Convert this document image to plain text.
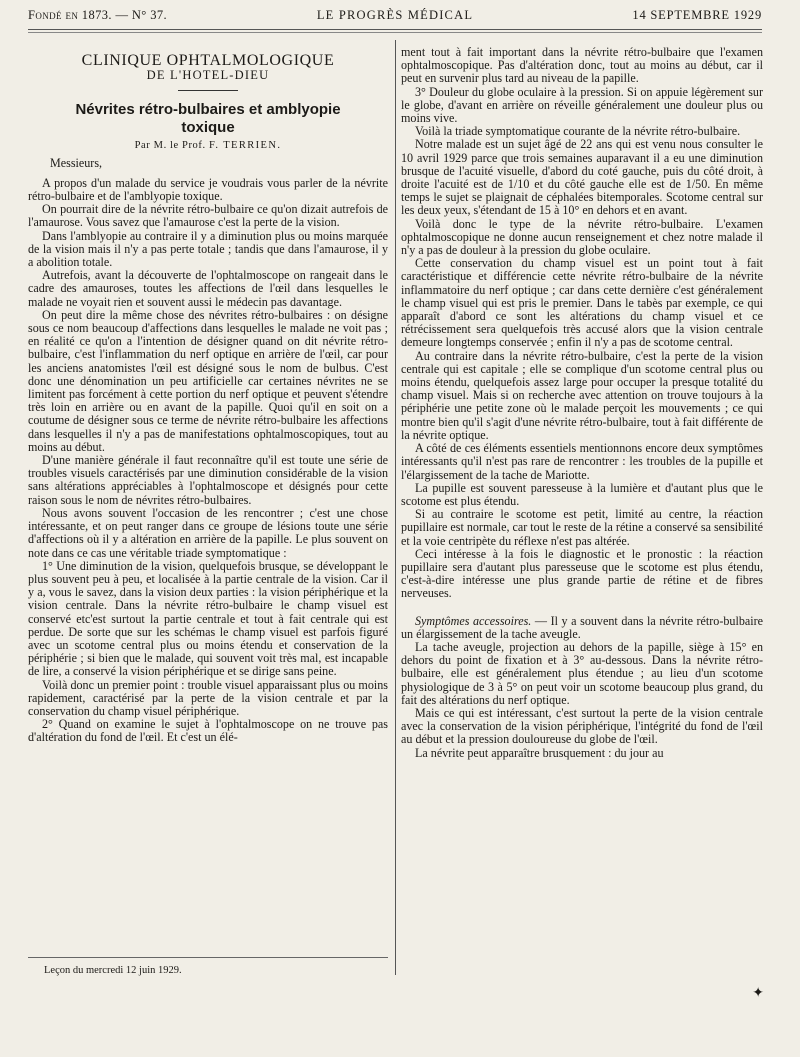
Fondé en 1873. — N° 37.	LE PROGRÈS MÉDICAL	14 SEPTEMBRE 1929
CLINIQUE OPHTALMOLOGIQUE
DE L'HOTEL-DIEU
Névrites rétro-bulbaires et amblyopie toxique
Par M. le Prof. F. TERRIEN.

Messieurs,

A propos d'un malade du service je voudrais vous parler de la névrite rétro-bulbaire et de l'amblyopie toxique.

On pourrait dire de la névrite rétro-bulbaire ce qu'on dizait autrefois de l'amaurose. Vous savez que l'amaurose c'est la perte de la vision.

Dans l'amblyopie au contraire il y a diminution plus ou moins marquée de la vision mais il n'y a pas perte totale ; tandis que dans l'amaurose, il y a abolition totale.

Autrefois, avant la découverte de l'ophtalmoscope on rangeait dans le cadre des amauroses, toutes les affections de l'œil dans lesquelles le malade ne voyait rien et souvent aussi le médecin pas davantage.

On peut dire la même chose des névrites rétro-bulbaires : on désigne sous ce nom beaucoup d'affections dans lesquelles le malade ne voit pas ; en réalité ce qu'on a l'intention de désigner quand on dit névrite rétro-bulbaire, c'est l'inflammation du nerf optique en arrière de l'œil, car pour les anciens anatomistes l'œil est désigné sous le nom de bulbus. C'est donc une dénomination un peu artificielle car certaines névrites ne se limitent pas forcément à cette portion du nerf optique et peuvent s'étendre très loin en arrière ou en avant de la papille. Quoi qu'il en soit on a coutume de désigner sous ce terme de névrite rétro-bulbaire les affections dans lesquelles il n'y a pas de manifestations ophtalmoscopiques, tout au moins au début.

D'une manière générale il faut reconnaître qu'il est toute une série de troubles visuels caractérisés par une diminution considérable de la vision sans altérations appréciables à l'ophtalmoscope et désignés pour cette raison sous le nom de névrites rétro-bulbaires.

Nous avons souvent l'occasion de les rencontrer ; c'est une chose intéressante, et on peut ranger dans ce groupe de lésions toute une série d'affections où il y a altération en arrière de la papille. Le plus souvent on note dans ce cas une véritable triade symptomatique :

1° Une diminution de la vision, quelquefois brusque, se développant le plus souvent peu à peu, et localisée à la partie centrale de la vision. Car il y a, vous le savez, dans la vision deux parties : la vision périphérique et la vision centrale. Dans la névrite rétro-bulbaire le champ visuel est conservé etc'est surtout la partie centrale et tout à fait centrale qui est perdue. De sorte que sur les schémas le champ visuel est parfois figuré avec un scotome central plus ou moins étendu et conservation de la périphérie ; si bien que le malade, qui souvent voit très mal, est incapable de lire, a conservé la vision périphérique et se dirige sans peine.

Voilà donc un premier point : trouble visuel apparaissant plus ou moins rapidement, caractérisé par la perte de la vision centrale et par la conservation du champ visuel périphérique.

2° Quand on examine le sujet à l'ophtalmoscope on ne trouve pas d'altération du fond de l'œil. Et c'est un élé-

ment tout à fait important dans la névrite rétro-bulbaire que l'examen ophtalmoscopique. Pas d'altération donc, tout au moins au début, car il peut en survenir plus tard au niveau de la papille.

3° Douleur du globe oculaire à la pression. Si on appuie légèrement sur le globe, d'avant en arrière on réveille généralement une douleur plus ou moins vive.

Voilà la triade symptomatique courante de la névrite rétro-bulbaire.

Notre malade est un sujet âgé de 22 ans qui est venu nous consulter le 10 avril 1929 parce que trois semaines auparavant il a eu une diminution brusque de l'acuité visuelle, d'abord du coté gauche, puis du côté droit, à droite l'acuité est de 1/10 et du côté gauche elle est de 1/50. En même temps le sujet se plaignait de céphalées bitemporales. Scotome central sur les deux yeux, s'étendant de 15 à 10° en dehors et en avant.

Voilà donc le type de la névrite rétro-bulbaire. L'examen ophtalmoscopique ne donne aucun renseignement et chez notre malade il n'y a pas de douleur à la pression du globe oculaire.

Cette conservation du champ visuel est un point tout à fait caractéristique et différencie cette névrite rétro-bulbaire de la névrite inflammatoire du nerf optique ; car dans cette dernière c'est généralement le champ visuel qui est pris le premier. Dans le tabès par exemple, ce qui apparaît d'abord ce sont les altérations du champ visuel et ce rétrécissement sera quelquefois très accusé alors que la vision centrale demeure longtemps conservée ; enfin il n'y a pas de scotome central.

Au contraire dans la névrite rétro-bulbaire, c'est la perte de la vision centrale qui est capitale ; elle se complique d'un scotome central plus ou moins étendu, quelquefois assez large pour occuper la presque totalité du champ visuel. Mais si on recherche avec attention on trouve toujours à la périphérie une petite zone où le malade perçoit les mouvements ; ce qui montre bien qu'il s'agit d'une névrite rétro-bulbaire, tout à fait différente de la névrite optique.

A côté de ces éléments essentiels mentionnons encore deux symptômes intéressants qu'il n'est pas rare de rencontrer : les troubles de la pupille et l'élargissement de la tache de Mariotte.

La pupille est souvent paresseuse à la lumière et d'autant plus que le scotome est plus étendu.

Si au contraire le scotome est petit, limité au centre, la réaction pupillaire est normale, car tout le reste de la rétine a conservé sa sensibilité et la voie centripète du réflexe n'est pas altérée.

Ceci intéresse à la fois le diagnostic et le pronostic : la réaction pupillaire sera d'autant plus paresseuse que le scotome est plus étendu, c'est-à-dire intéresse une plus grande partie de rétine et de fibres nerveuses.

Symptômes accessoires. — Il y a souvent dans la névrite rétro-bulbaire un élargissement de la tache aveugle.

La tache aveugle, projection au dehors de la papille, siège à 15° en dehors du point de fixation et à 3° au-dessous. Dans la névrite rétro-bulbaire, elle est généralement plus étendue ; au lieu d'un scotome physiologique de 3 à 5° on peut voir un scotome beaucoup plus grand, du fait des altérations du nerf optique.

Mais ce qui est intéressant, c'est surtout la perte de la vision centrale avec la conservation de la vision périphérique, l'intégrité du fond de l'œil au début et la pression douloureuse du globe de l'œil.

La névrite peut apparaître brusquement : du jour au

Leçon du mercredi 12 juin 1929.
✦
